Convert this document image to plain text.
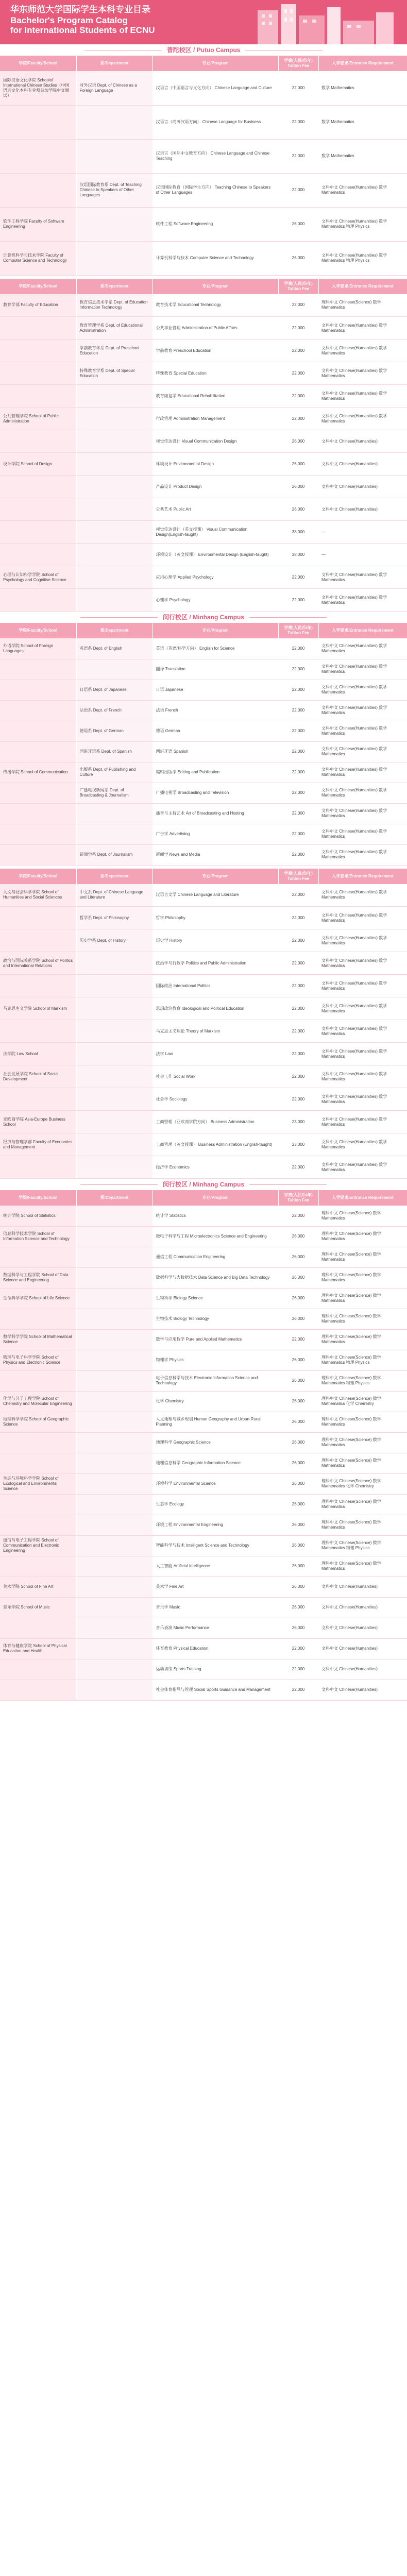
华东师范大学国际学生本科专业目录
Bachelor's Program Catalog
for International Students of ECNU
普陀校区 / Putuo Campus
学院/Faculty/School	系/Department	专业/Program	学费(人民币/年) Tuition Fee	入学要求/Entrance Requirement
国际汉语文化学院 Schoolof International Chinese Studies（中国语言文化本科专业须参加学院中文测试）	对外汉语 Dept. of Chinese as a Foreign Language	汉语言（中国语言与文化方向） Chinese Language and Culture	22,000	数学 Mathematics
		汉语言（商务汉语方向） Chinese Language for Business	22,000	数学 Mathematics
		汉语言（国际中文教育方向） Chinese Language and Chinese Teaching	22,000	数学 Mathematics
	汉语国际教育系 Dept. of Teaching Chinese to Speakers of Other Languages	汉语国际教育（国际学生方向） Teaching Chinese to Speakers of Other Languages	22,000	文科中文 Chinese(Humanities) 数学 Mathematics
软件工程学院 Faculty of Software Engineering		软件工程 Software Engineering	26,000	文科中文 Chinese(Humanities) 数学 Mathematics 物理 Physics
计算机科学与技术学院 Faculty of Computer Science and Technology		计算机科学与技术 Computer Science and Technology	26,000	文科中文 Chinese(Humanities) 数学 Mathematics 物理 Physics
学院/Faculty/School	系/Department	专业/Program	学费(人民币/年) Tuition Fee	入学要求/Entrance Requirement
教育学部 Faculty of Education	教育信息技术学系 Dept. of Education Information Technology	教育技术学 Educational Technology	22,000	理科中文 Chinese(Science) 数学 Mathematics
	教育管理学系 Dept. of Educational Administration	公共事业管理 Administration of Public Affairs	22,000	文科中文 Chinese(Humanities) 数学 Mathematics
	学前教育学系 Dept. of Preschool Education	学前教育 Preschool Education	22,000	文科中文 Chinese(Humanities) 数学 Mathematics
	特殊教育学系 Dept. of Special Education	特殊教育 Special Education	22,000	文科中文 Chinese(Humanities) 数学 Mathematics
		教育康复学 Educational Rehabilitation	22,000	文科中文 Chinese(Humanities) 数学 Mathematics
公共管理学院 School of Public Administration		行政管理 Administration Management	22,000	文科中文 Chinese(Humanities) 数学 Mathematics
		视觉传达设计 Visual Communication Design	26,000	文科中文 Chinese(Humanities)
设计学院 School of Design		环境设计 Environmental Design	26,000	文科中文 Chinese(Humanities)
		产品设计 Product Design	26,000	文科中文 Chinese(Humanities)
		公共艺术 Public Art	26,000	文科中文 Chinese(Humanities)
		视觉传达设计（英文授课） Visual Communication Design(English-taught)	38,000	—
		环境设计（英文授课） Environmental Design (English-taught)	38,000	—
心理与认知科学学院 School of Psychology and Cognitive Science		应用心理学 Applied Psychology	22,000	文科中文 Chinese(Humanities) 数学 Mathematics
		心理学 Psychology	22,000	文科中文 Chinese(Humanities) 数学 Mathematics
闵行校区 / Minhang Campus
学院/Faculty/School	系/Department	专业/Program	学费(人民币/年) Tuition Fee	入学要求/Entrance Requirement
外语学院 School of Foreign Languages	英语系 Dept. of English	英语（英语/科学方向） English for Science	22,000	文科中文 Chinese(Humanities) 数学 Mathematics
		翻译 Translation	22,000	文科中文 Chinese(Humanities) 数学 Mathematics
	日语系 Dept. of Japanese	日语 Japanese	22,000	文科中文 Chinese(Humanities) 数学 Mathematics
	法语系 Dept. of French	法语 French	22,000	文科中文 Chinese(Humanities) 数学 Mathematics
	德语系 Dept. of German	德语 German	22,000	文科中文 Chinese(Humanities) 数学 Mathematics
	西班牙语系 Dept. of Spanish	西班牙语 Spanish	22,000	文科中文 Chinese(Humanities) 数学 Mathematics
传播学院 School of Communication	出版系 Dept. of Publishing and Culture	编辑出版学 Editing and Publication	22,000	文科中文 Chinese(Humanities) 数学 Mathematics
	广播电视新闻系 Dept. of Broadcasting & Journalism	广播电视学 Broadcasting and Television	22,000	文科中文 Chinese(Humanities) 数学 Mathematics
		播音与主持艺术 Art of Broadcasting and Hosting	22,000	文科中文 Chinese(Humanities) 数学 Mathematics
		广告学 Advertising	22,000	文科中文 Chinese(Humanities) 数学 Mathematics
	新闻学系 Dept. of Journalism	新闻学 News and Media	22,000	文科中文 Chinese(Humanities) 数学 Mathematics
学院/Faculty/School	系/Department	专业/Program	学费(人民币/年) Tuition Fee	入学要求/Entrance Requirement
人文与社会科学学院 School of Humanities and Social Sciences	中文系 Dept. of Chinese Language and Literature	汉语言文学 Chinese Language and Literature	22,000	文科中文 Chinese(Humanities) 数学 Mathematics
	哲学系 Dept. of Philosophy	哲学 Philosophy	22,000	文科中文 Chinese(Humanities) 数学 Mathematics
	历史学系 Dept. of History	历史学 History	22,000	文科中文 Chinese(Humanities) 数学 Mathematics
政治与国际关系学院 School of Politics and International Relations		政治学与行政学 Politics and Public Administration	22,000	文科中文 Chinese(Humanities) 数学 Mathematics
		国际政治 International Politics	22,000	文科中文 Chinese(Humanities) 数学 Mathematics
马克思主义学院 School of Marxism		思想政治教育 Ideological and Political Education	22,000	文科中文 Chinese(Humanities) 数学 Mathematics
		马克思主义理论 Theory of Marxism	22,000	文科中文 Chinese(Humanities) 数学 Mathematics
法学院 Law School		法学 Law	22,000	文科中文 Chinese(Humanities) 数学 Mathematics
社会发展学院 School of Social Development		社会工作 Social Work	22,000	文科中文 Chinese(Humanities) 数学 Mathematics
		社会学 Sociology	22,000	文科中文 Chinese(Humanities) 数学 Mathematics
亚欧商学院 Asia-Europe Business School		工商管理（亚欧商学院方向） Business Administration	23,000	文科中文 Chinese(Humanities) 数学 Mathematics
经济与管理学部 Faculty of Economics and Management		工商管理（英文授课） Business Administration (English-taught)	23,000	文科中文 Chinese(Humanities) 数学 Mathematics
		经济学 Economics	22,000	文科中文 Chinese(Humanities) 数学 Mathematics
闵行校区 / Minhang Campus
学院/Faculty/School	系/Department	专业/Program	学费(人民币/年) Tuition Fee	入学要求/Entrance Requirement
统计学院 School of Statistics		统计学 Statistics	22,000	理科中文 Chinese(Science) 数学 Mathematics
信息科学技术学院 School of Information Science and Technology		微电子科学与工程 Microelectronics Science and Engineering	26,000	理科中文 Chinese(Science) 数学 Mathematics
		通信工程 Communication Engineering	26,000	理科中文 Chinese(Science) 数学 Mathematics
数据科学与工程学院 School of Data Science and Engineering		数据科学与大数据技术 Data Science and Big Data Technology	26,000	理科中文 Chinese(Science) 数学 Mathematics
生命科学学院 School of Life Science		生物科学 Biology Science	26,000	理科中文 Chinese(Science) 数学 Mathematics
		生物技术 Biology Technology	26,000	理科中文 Chinese(Science) 数学 Mathematics
数学科学学院 School of Mathematical Science		数学与应用数学 Pure and Applied Mathematics	22,000	理科中文 Chinese(Science) 数学 Mathematics
物理与电子科学学院 School of Physics and Electronic Science		物理学 Physics	26,000	理科中文 Chinese(Science) 数学 Mathematics 物理 Physics
		电子信息科学与技术 Electronic Information Science and Technology	26,000	理科中文 Chinese(Science) 数学 Mathematics 物理 Physics
化学与分子工程学院 School of Chemistry and Molecular Engineering		化学 Chemistry	26,000	理科中文 Chinese(Science) 数学 Mathematics 化学 Chemistry
地理科学学院 School of Geographic Science		人文地理与城乡规划 Human Geography and Urban-Rural Planning	26,000	理科中文 Chinese(Science) 数学 Mathematics
		地理科学 Geographic Science	26,000	理科中文 Chinese(Science) 数学 Mathematics
		地理信息科学 Geographic Information Science	26,000	理科中文 Chinese(Science) 数学 Mathematics
生态与环境科学学院 School of Ecological and Environmental Science		环境科学 Environmental Science	26,000	理科中文 Chinese(Science) 数学 Mathematics 化学 Chemistry
		生态学 Ecology	26,000	理科中文 Chinese(Science) 数学 Mathematics
		环境工程 Environmental Engineering	26,000	理科中文 Chinese(Science) 数学 Mathematics
通信与电子工程学院 School of Communication and Electronic Engineering		智能科学与技术 Intelligent Science and Technology	26,000	理科中文 Chinese(Science) 数学 Mathematics 物理 Physics
		人工智能 Artificial Intelligence	26,000	理科中文 Chinese(Science) 数学 Mathematics
美术学院 School of Fine Art		美术学 Fine Art	26,000	文科中文 Chinese(Humanities)
音乐学院 School of Music		音乐学 Music	26,000	文科中文 Chinese(Humanities)
		音乐表演 Music Performance	26,000	文科中文 Chinese(Humanities)
体育与健康学院 School of Physical Education and Health		体育教育 Physical Education	22,000	文科中文 Chinese(Humanities)
		运动训练 Sports Training	22,000	文科中文 Chinese(Humanities)
		社会体育指导与管理 Social Sports Guidance and Management	22,000	文科中文 Chinese(Humanities)
